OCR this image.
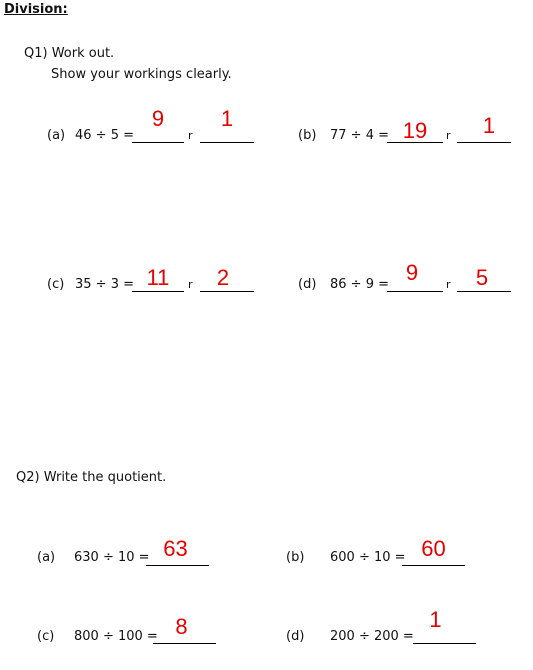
Division:
Q1) Work out.
Show your workings clearly.
(a) 46 ÷ 5 =
9
r
1
(b) 77 ÷ 4 = 19	r	1
(c) 35 ÷ 3 = 11	r	2	(d) 86 ÷ 9 = 9	r	5
Q2) Write the quotient.
(a) 630 ÷ 10 = 63	(b) 600 ÷ 10 = 60
(c) 800 ÷ 100 = 8	(d) 200 ÷ 200 =
1
